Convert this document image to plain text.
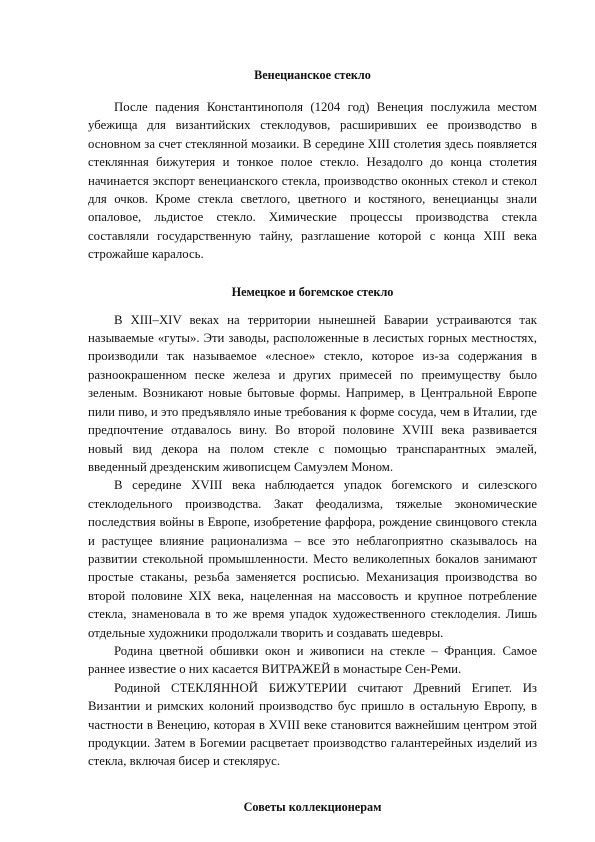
Венецианское стекло

После падения Константинополя (1204 год) Венеция послужила местом убежища для византийских стеклодувов, расширивших ее производство в основном за счет стеклянной мозаики. В середине XIII столетия здесь появляется стеклянная бижутерия и тонкое полое стекло. Незадолго до конца столетия начинается экспорт венецианского стекла, производство оконных стекол и стекол для очков. Кроме стекла светлого, цветного и костяного, венецианцы знали опаловое, льдистое стекло. Химические процессы производства стекла составляли государственную тайну, разглашение которой с конца XIII века строжайше каралось.

Немецкое и богемское стекло

В XIII–XIV веках на территории нынешней Баварии устраиваются так называемые «гуты». Эти заводы, расположенные в лесистых горных местностях, производили так называемое «лесное» стекло, которое из-за содержания в разноокрашенном песке железа и других примесей по преимуществу было зеленым. Возникают новые бытовые формы. Например, в Центральной Европе пили пиво, и это предъявляло иные требования к форме сосуда, чем в Италии, где предпочтение отдавалось вину. Во второй половине XVIII века развивается новый вид декора на полом стекле с помощью транспарантных эмалей, введенный дрезденским живописцем Самуэлем Моном.

В середине XVIII века наблюдается упадок богемского и силезского стеклодельного производства. Закат феодализма, тяжелые экономические последствия войны в Европе, изобретение фарфора, рождение свинцового стекла и растущее влияние рационализма – все это неблагоприятно сказывалось на развитии стекольной промышленности. Место великолепных бокалов занимают простые стаканы, резьба заменяется росписью. Механизация производства во второй половине XIX века, нацеленная на массовость и крупное потребление стекла, знаменовала в то же время упадок художественного стеклоделия. Лишь отдельные художники продолжали творить и создавать шедевры.

Родина цветной обшивки окон и живописи на стекле – Франция. Самое раннее известие о них касается ВИТРАЖЕЙ в монастыре Сен-Реми.

Родиной СТЕКЛЯННОЙ БИЖУТЕРИИ считают Древний Египет. Из Византии и римских колоний производство бус пришло в остальную Европу, в частности в Венецию, которая в XVIII веке становится важнейшим центром этой продукции. Затем в Богемии расцветает производство галантерейных изделий из стекла, включая бисер и стеклярус.

Советы коллекционерам
